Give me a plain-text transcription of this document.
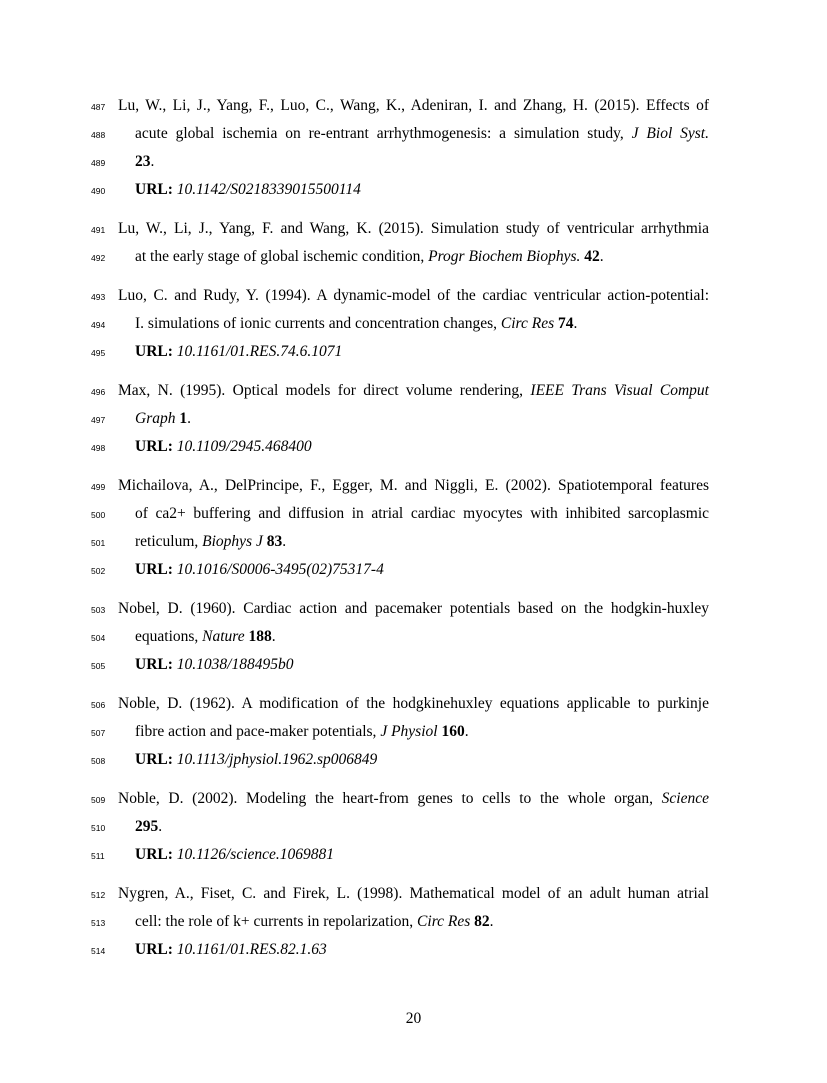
487 Lu, W., Li, J., Yang, F., Luo, C., Wang, K., Adeniran, I. and Zhang, H. (2015). Effects of
488	acute global ischemia on re-entrant arrhythmogenesis: a simulation study, J Biol Syst.
489	23.
490	URL: 10.1142/S0218339015500114
491 Lu, W., Li, J., Yang, F. and Wang, K. (2015). Simulation study of ventricular arrhythmia
492	at the early stage of global ischemic condition, Progr Biochem Biophys. 42.
493 Luo, C. and Rudy, Y. (1994). A dynamic-model of the cardiac ventricular action-potential:
494	I. simulations of ionic currents and concentration changes, Circ Res 74.
495	URL: 10.1161/01.RES.74.6.1071
496 Max, N. (1995). Optical models for direct volume rendering, IEEE Trans Visual Comput
497	Graph 1.
498	URL: 10.1109/2945.468400
499 Michailova, A., DelPrincipe, F., Egger, M. and Niggli, E. (2002). Spatiotemporal features
500	of ca2+ buffering and diffusion in atrial cardiac myocytes with inhibited sarcoplasmic
501	reticulum, Biophys J 83.
502	URL: 10.1016/S0006-3495(02)75317-4
503 Nobel, D. (1960). Cardiac action and pacemaker potentials based on the hodgkin-huxley
504	equations, Nature 188.
505	URL: 10.1038/188495b0
506 Noble, D. (1962). A modification of the hodgkinehuxley equations applicable to purkinje
507	fibre action and pace-maker potentials, J Physiol 160.
508	URL: 10.1113/jphysiol.1962.sp006849
509 Noble, D. (2002). Modeling the heart-from genes to cells to the whole organ, Science
510	295.
511	URL: 10.1126/science.1069881
512 Nygren, A., Fiset, C. and Firek, L. (1998). Mathematical model of an adult human atrial
513	cell: the role of k+ currents in repolarization, Circ Res 82.
514	URL: 10.1161/01.RES.82.1.63
20
